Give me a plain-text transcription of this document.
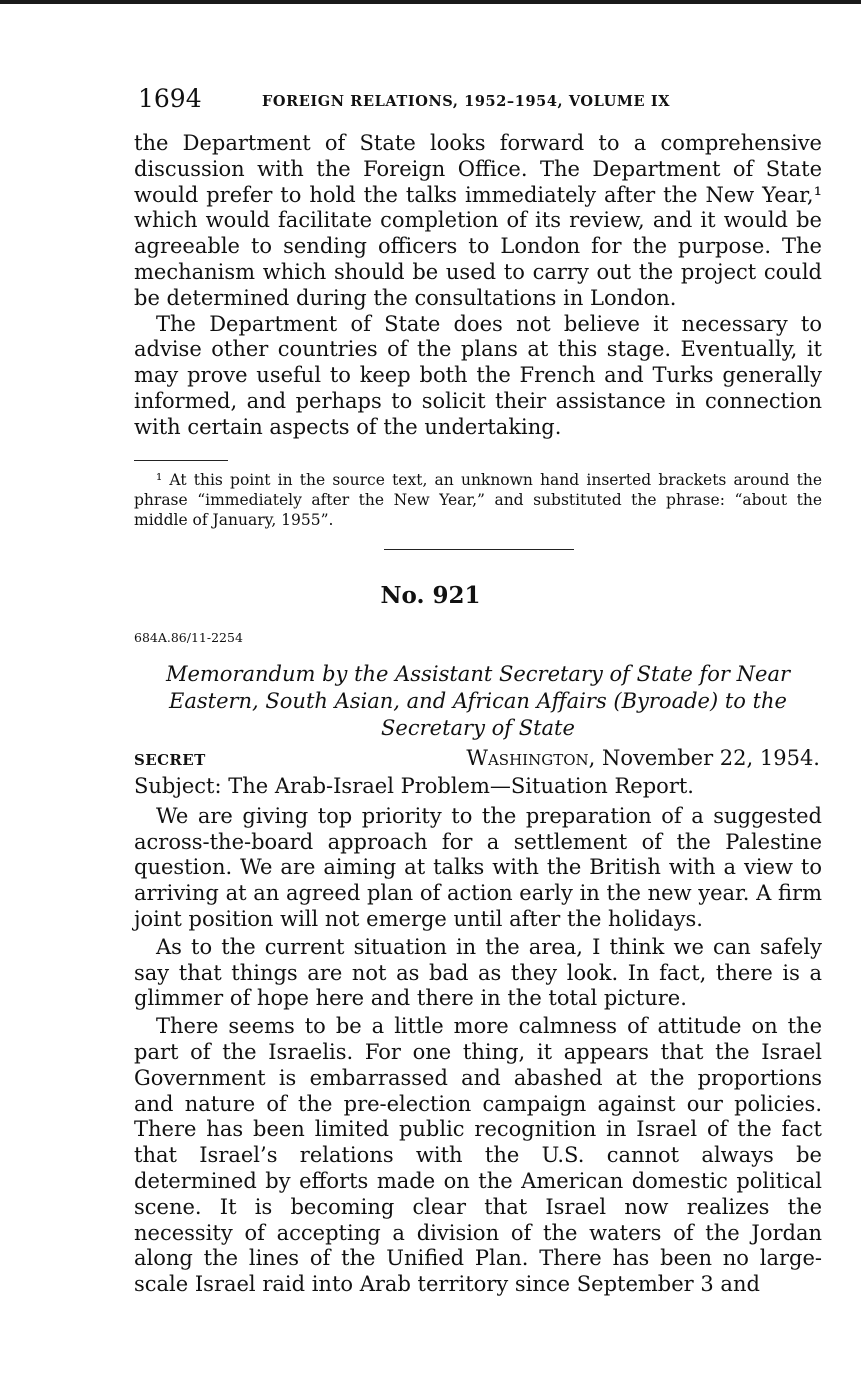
1694	FOREIGN RELATIONS, 1952–1954, VOLUME IX

the Department of State looks forward to a comprehensive discussion with the Foreign Office. The Department of State would prefer to hold the talks immediately after the New Year,¹ which would facilitate completion of its review, and it would be agreeable to sending officers to London for the purpose. The mechanism which should be used to carry out the project could be determined during the consultations in London.

The Department of State does not believe it necessary to advise other countries of the plans at this stage. Eventually, it may prove useful to keep both the French and Turks generally informed, and perhaps to solicit their assistance in connection with certain aspects of the undertaking.

¹ At this point in the source text, an unknown hand inserted brackets around the phrase “immediately after the New Year,” and substituted the phrase: “about the middle of January, 1955”.

No. 921
684A.86/11-2254
Memorandum by the Assistant Secretary of State for Near Eastern, South Asian, and African Affairs (Byroade) to the Secretary of State
SECRET	Washington, November 22, 1954.

Subject: The Arab-Israel Problem—Situation Report.

We are giving top priority to the preparation of a suggested across-the-board approach for a settlement of the Palestine question. We are aiming at talks with the British with a view to arriving at an agreed plan of action early in the new year. A firm joint position will not emerge until after the holidays.

As to the current situation in the area, I think we can safely say that things are not as bad as they look. In fact, there is a glimmer of hope here and there in the total picture.

There seems to be a little more calmness of attitude on the part of the Israelis. For one thing, it appears that the Israel Government is embarrassed and abashed at the proportions and nature of the pre-election campaign against our policies. There has been limited public recognition in Israel of the fact that Israel’s relations with the U.S. cannot always be determined by efforts made on the American domestic political scene. It is becoming clear that Israel now realizes the necessity of accepting a division of the waters of the Jordan along the lines of the Unified Plan. There has been no large-scale Israel raid into Arab territory since September 3 and
